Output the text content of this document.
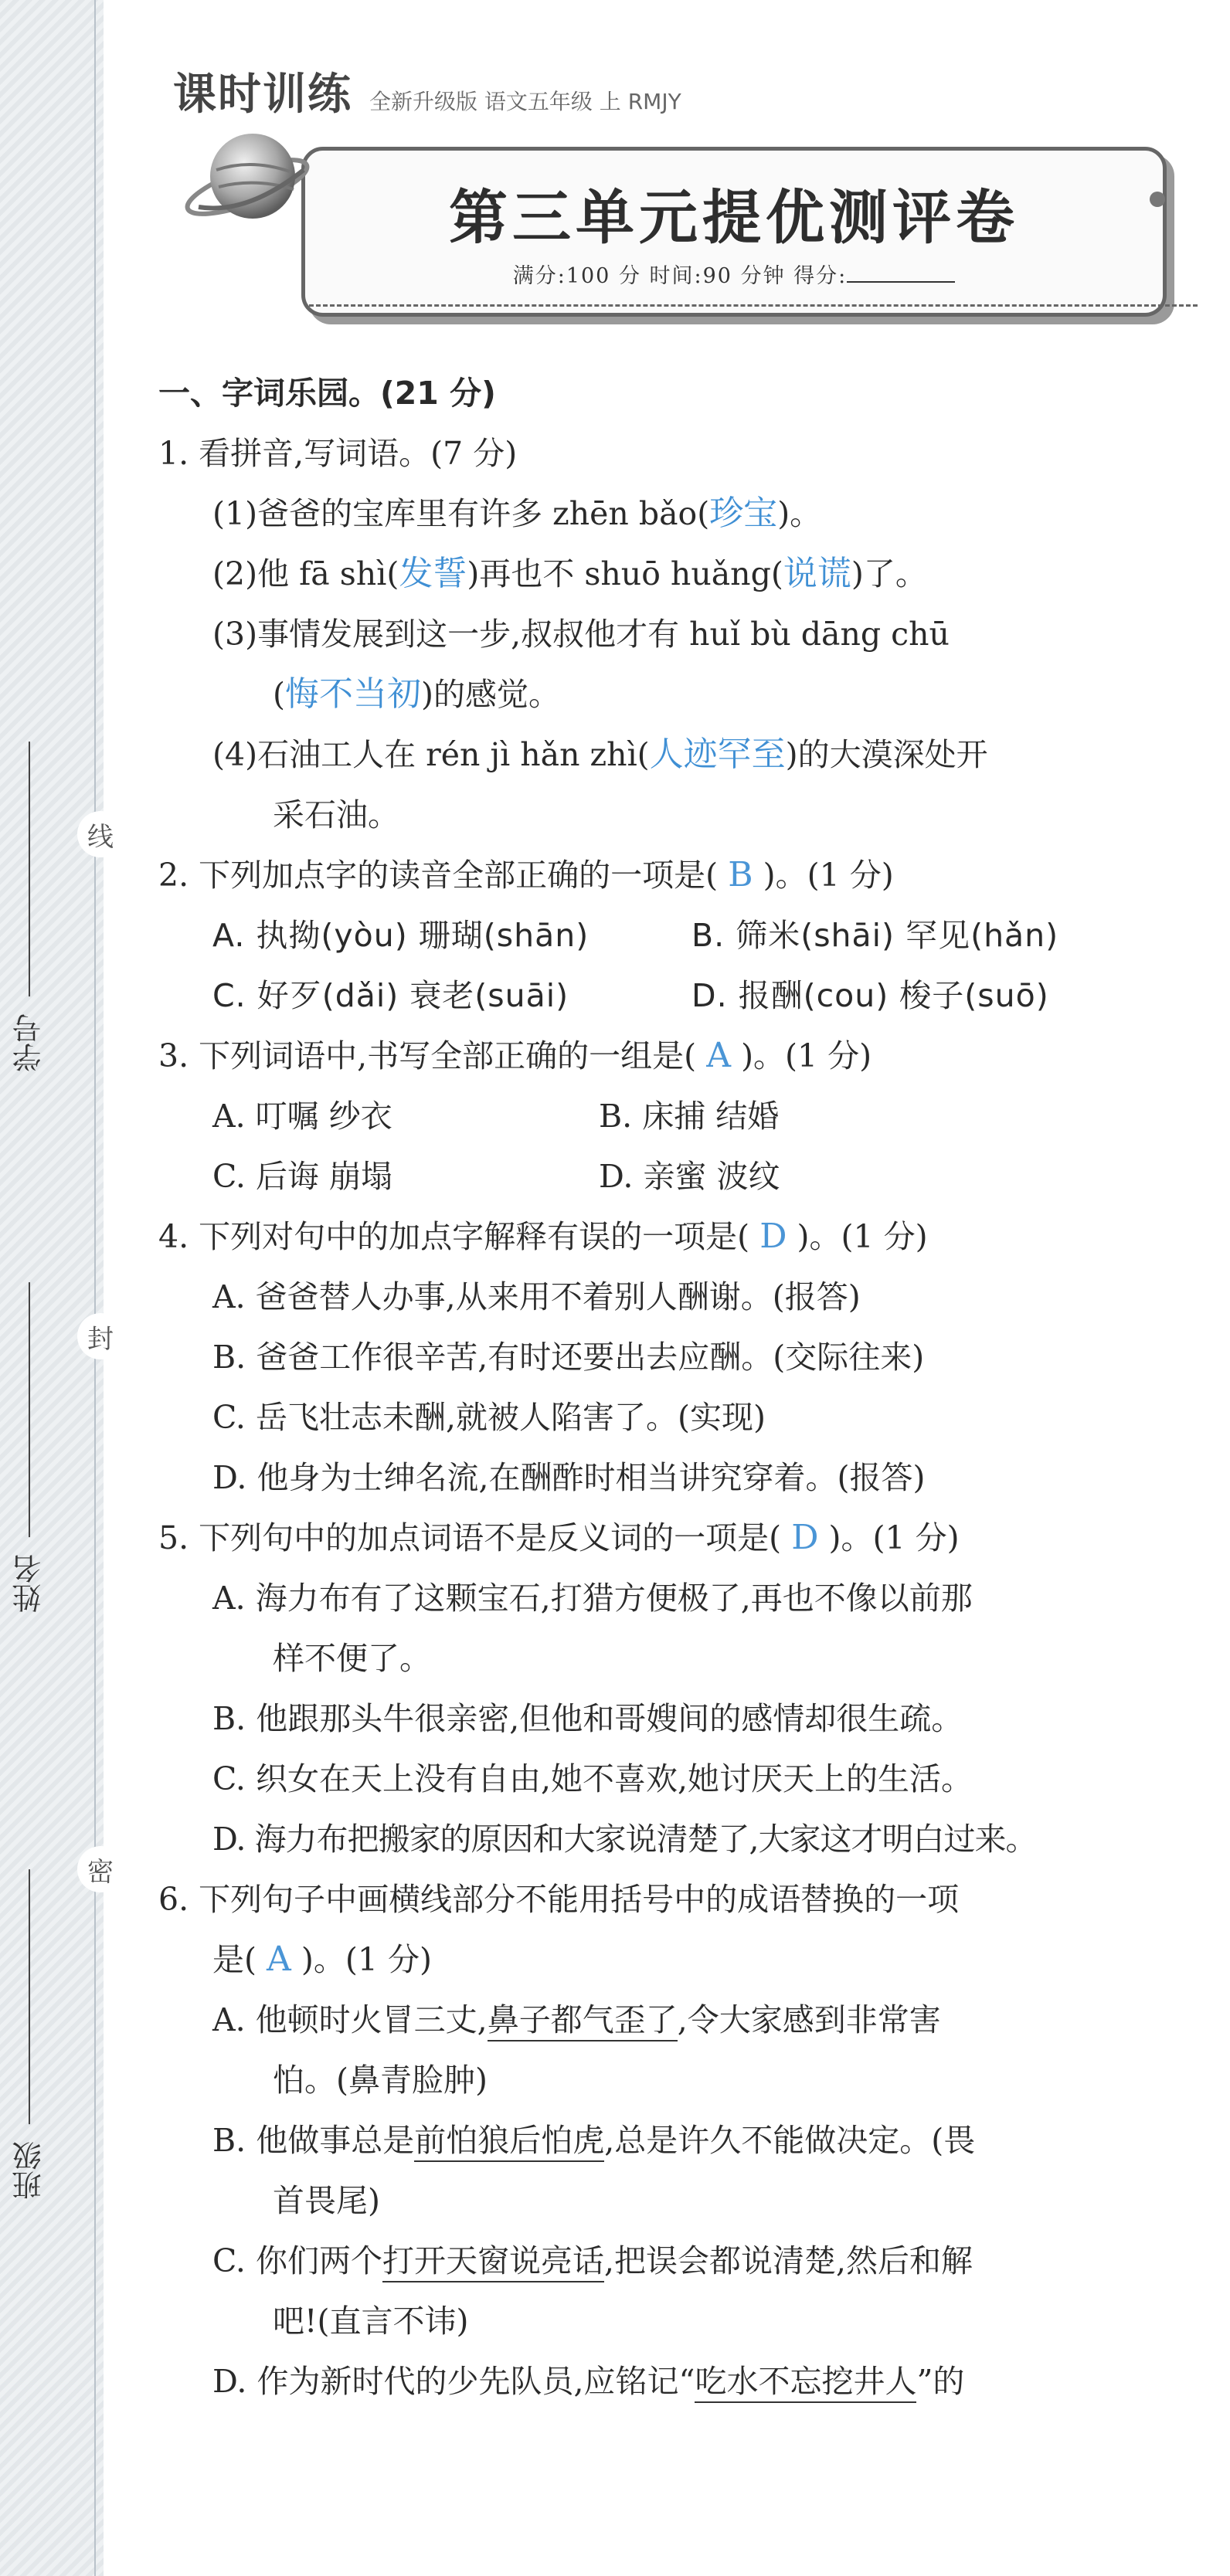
线
封
密
学号
姓名
班级
课时训练 全新升级版 语文五年级 上 RMJY
第三单元提优测评卷
满分:100 分 时间:90 分钟 得分:
一、字词乐园。(21 分)
1. 看拼音,写词语。(7 分)
(1)爸爸的宝库里有许多 zhēn bǎo(珍宝)。
(2)他 fā shì(发誓)再也不 shuō huǎng(说谎)了。
(3)事情发展到这一步,叔叔他才有 huǐ bù dāng chū
(悔不当初)的感觉。
(4)石油工人在 rén jì hǎn zhì(人迹罕至)的大漠深处开
采石油。
2. 下列加点字的读音全部正确的一项是( B )。(1 分)
A. 执拗(yòu) 珊瑚(shān)	B. 筛米(shāi) 罕见(hǎn)
C. 好歹(dǎi) 衰老(suāi)	D. 报酬(cou) 梭子(suō)
3. 下列词语中,书写全部正确的一组是( A )。(1 分)
A. 叮嘱 纱衣	B. 床捕 结婚
C. 后诲 崩塌	D. 亲蜜 波纹
4. 下列对句中的加点字解释有误的一项是( D )。(1 分)
A. 爸爸替人办事,从来用不着别人酬谢。(报答)
B. 爸爸工作很辛苦,有时还要出去应酬。(交际往来)
C. 岳飞壮志未酬,就被人陷害了。(实现)
D. 他身为士绅名流,在酬酢时相当讲究穿着。(报答)
5. 下列句中的加点词语不是反义词的一项是( D )。(1 分)
A. 海力布有了这颗宝石,打猎方便极了,再也不像以前那
样不便了。
B. 他跟那头牛很亲密,但他和哥嫂间的感情却很生疏。
C. 织女在天上没有自由,她不喜欢,她讨厌天上的生活。
D. 海力布把搬家的原因和大家说清楚了,大家这才明白过来。
6. 下列句子中画横线部分不能用括号中的成语替换的一项
是( A )。(1 分)
A. 他顿时火冒三丈,鼻子都气歪了,令大家感到非常害
怕。(鼻青脸肿)
B. 他做事总是前怕狼后怕虎,总是许久不能做决定。(畏
首畏尾)
C. 你们两个打开天窗说亮话,把误会都说清楚,然后和解
吧!(直言不讳)
D. 作为新时代的少先队员,应铭记“吃水不忘挖井人”的
